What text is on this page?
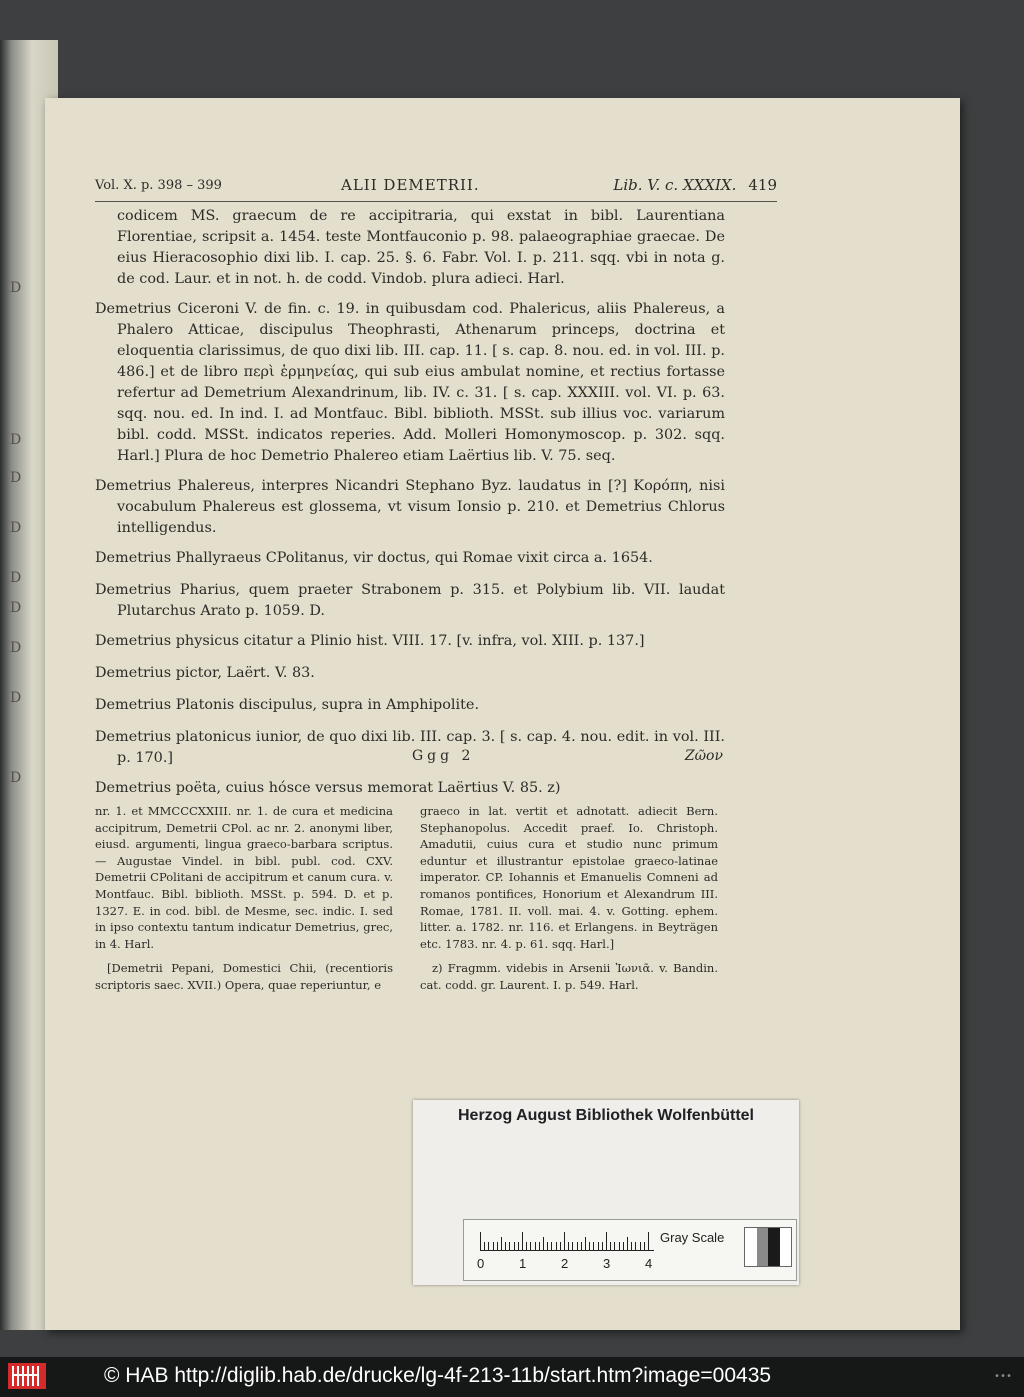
D
D
D
D
D
D
D
D
D
Vol. X. p. 398 – 399	ALII DEMETRII.	Lib. V. c. XXXIX. 419

codicem MS. graecum de re accipitraria, qui exstat in bibl. Laurentiana Florentiae, scripsit a. 1454. teste Montfauconio p. 98. palaeographiae graecae. De eius Hieracosophio dixi lib. I. cap. 25. §. 6. Fabr. Vol. I. p. 211. sqq. vbi in nota g. de cod. Laur. et in not. h. de codd. Vindob. plura adieci. Harl.

Demetrius Ciceroni V. de fin. c. 19. in quibusdam cod. Phalericus, aliis Phalereus, a Phalero Atticae, discipulus Theophrasti, Athenarum princeps, doctrina et eloquentia clarissimus, de quo dixi lib. III. cap. 11. [ s. cap. 8. nou. ed. in vol. III. p. 486.] et de libro περὶ ἑρμηνείας, qui sub eius ambulat nomine, et rectius fortasse refertur ad Demetrium Alexandrinum, lib. IV. c. 31. [ s. cap. XXXIII. vol. VI. p. 63. sqq. nou. ed. In ind. I. ad Montfauc. Bibl. biblioth. MSSt. sub illius voc. variarum bibl. codd. MSSt. indicatos reperies. Add. Molleri Homonymoscop. p. 302. sqq. Harl.] Plura de hoc Demetrio Phalereo etiam Laërtius lib. V. 75. seq.

Demetrius Phalereus, interpres Nicandri Stephano Byz. laudatus in [?] Κορόπη, nisi vocabulum Phalereus est glossema, vt visum Ionsio p. 210. et Demetrius Chlorus intelligendus.

Demetrius Phallyraeus CPolitanus, vir doctus, qui Romae vixit circa a. 1654.

Demetrius Pharius, quem praeter Strabonem p. 315. et Polybium lib. VII. laudat Plutarchus Arato p. 1059. D.

Demetrius physicus citatur a Plinio hist. VIII. 17. [v. infra, vol. XIII. p. 137.]

Demetrius pictor, Laërt. V. 83.

Demetrius Platonis discipulus, supra in Amphipolite.

Demetrius platonicus iunior, de quo dixi lib. III. cap. 3. [ s. cap. 4. nou. edit. in vol. III. p. 170.]

Demetrius poëta, cuius hósce versus memorat Laërtius V. 85. z)

Ggg 2	Ζῶον

nr. 1. et MMCCCXXIII. nr. 1. de cura et medicina accipitrum, Demetrii CPol. ac nr. 2. anonymi liber, eiusd. argumenti, lingua graeco-barbara scriptus. — Augustae Vindel. in bibl. publ. cod. CXV. Demetrii CPolitani de accipitrum et canum cura. v. Montfauc. Bibl. biblioth. MSSt. p. 594. D. et p. 1327. E. in cod. bibl. de Mesme, sec. indic. I. sed in ipso contextu tantum indicatur Demetrius, grec, in 4. Harl.

[Demetrii Pepani, Domestici Chii, (recentioris scriptoris saec. XVII.) Opera, quae reperiuntur, e

graeco in lat. vertit et adnotatt. adiecit Bern. Stephanopolus. Accedit praef. Io. Christoph. Amadutii, cuius cura et studio nunc primum eduntur et illustrantur epistolae graeco-latinae imperator. CP. Iohannis et Emanuelis Comneni ad romanos pontifices, Honorium et Alexandrum III. Romae, 1781. II. voll. mai. 4. v. Gotting. ephem. litter. a. 1782. nr. 116. et Erlangens. in Beyträgen etc. 1783. nr. 4. p. 61. sqq. Harl.]

z) Fragmm. videbis in Arsenii Ἰωνιᾶ. v. Bandin. cat. codd. gr. Laurent. I. p. 549. Harl.

Herzog August Bibliothek Wolfenbüttel
0	1	2	3	4
Gray Scale
© HAB http://diglib.hab.de/drucke/lg-4f-213-11b/start.htm?image=00435	•••
